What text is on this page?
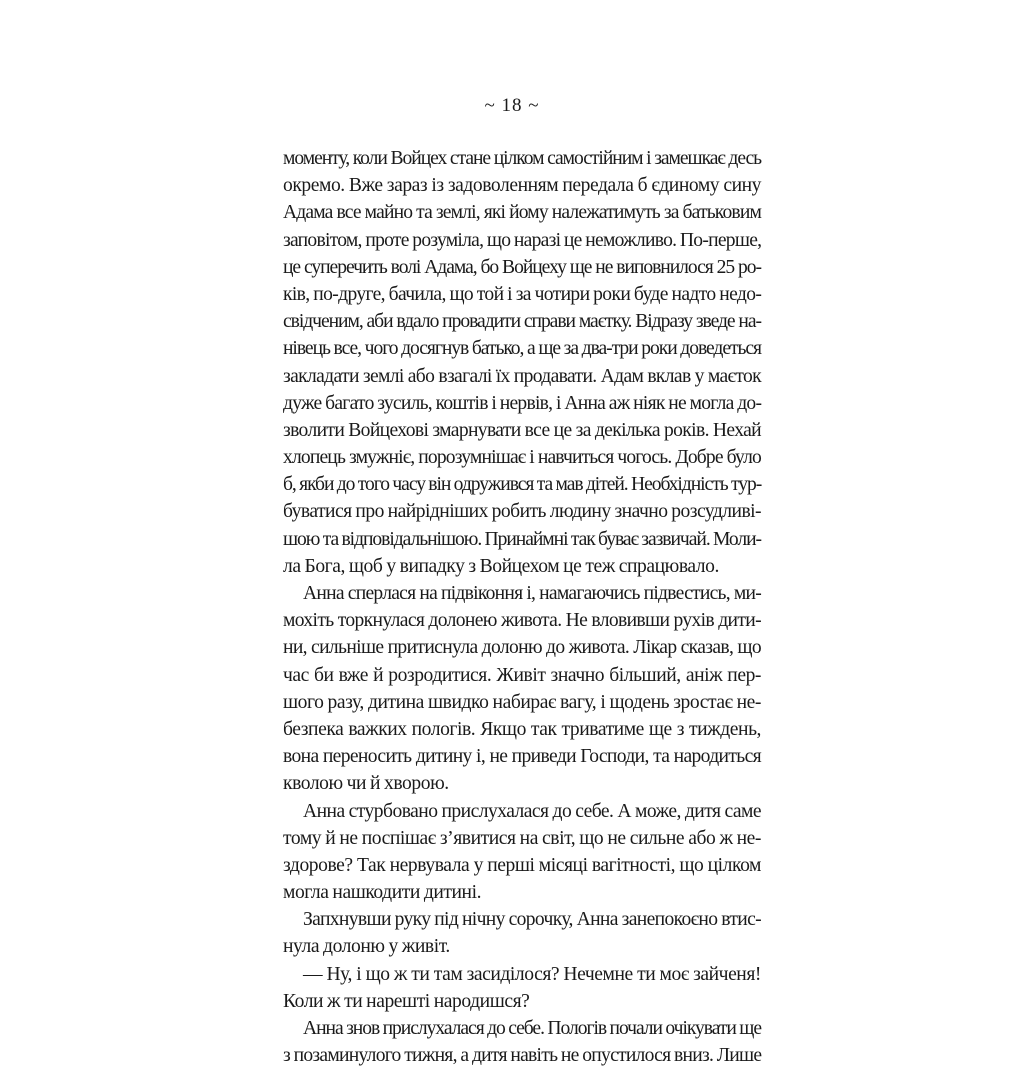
~ 18 ~
моменту, коли Войцех стане цілком самостійним і замешкає десь
окремо. Вже зараз із задоволенням передала б єдиному сину
Адама все майно та землі, які йому належатимуть за батьковим
заповітом, проте розуміла, що наразі це неможливо. По-перше,
це суперечить волі Адама, бо Войцеху ще не виповнилося 25 ро-
ків, по-друге, бачила, що той і за чотири роки буде надто недо-
свідченим, аби вдало провадити справи маєтку. Відразу зведе на-
нівець все, чого досягнув батько, а ще за два-три роки доведеться
закладати землі або взагалі їх продавати. Адам вклав у маєток
дуже багато зусиль, коштів і нервів, і Анна аж ніяк не могла до-
зволити Войцехові змарнувати все це за декілька років. Нехай
хлопець змужніє, порозумнішає і навчиться чогось. Добре було
б, якби до того часу він одружився та мав дітей. Необхідність тур-
буватися про найрідніших робить людину значно розсудливі-
шою та відповідальнішою. Принаймні так буває зазвичай. Моли-
ла Бога, щоб у випадку з Войцехом це теж спрацювало.
Анна сперлася на підвіконня і, намагаючись підвестись, ми-
мохіть торкнулася долонею живота. Не вловивши рухів дити-
ни, сильніше притиснула долоню до живота. Лікар сказав, що
час би вже й розродитися. Живіт значно більший, аніж пер-
шого разу, дитина швидко набирає вагу, і щодень зростає не-
безпека важких пологів. Якщо так триватиме ще з тиждень,
вона переносить дитину і, не приведи Господи, та народиться
кволою чи й хворою.
Анна стурбовано прислухалася до себе. А може, дитя саме
тому й не поспішає з’явитися на світ, що не сильне або ж не-
здорове? Так нервувала у перші місяці вагітності, що цілком
могла нашкодити дитині.
Запхнувши руку під нічну сорочку, Анна занепокоєно втис-
нула долоню у живіт.
— Ну, і що ж ти там засиділося? Нечемне ти моє зайченя!
Коли ж ти нарешті народишся?
Анна знов прислухалася до себе. Пологів почали очікувати ще
з позаминулого тижня, а дитя навіть не опустилося вниз. Лише
